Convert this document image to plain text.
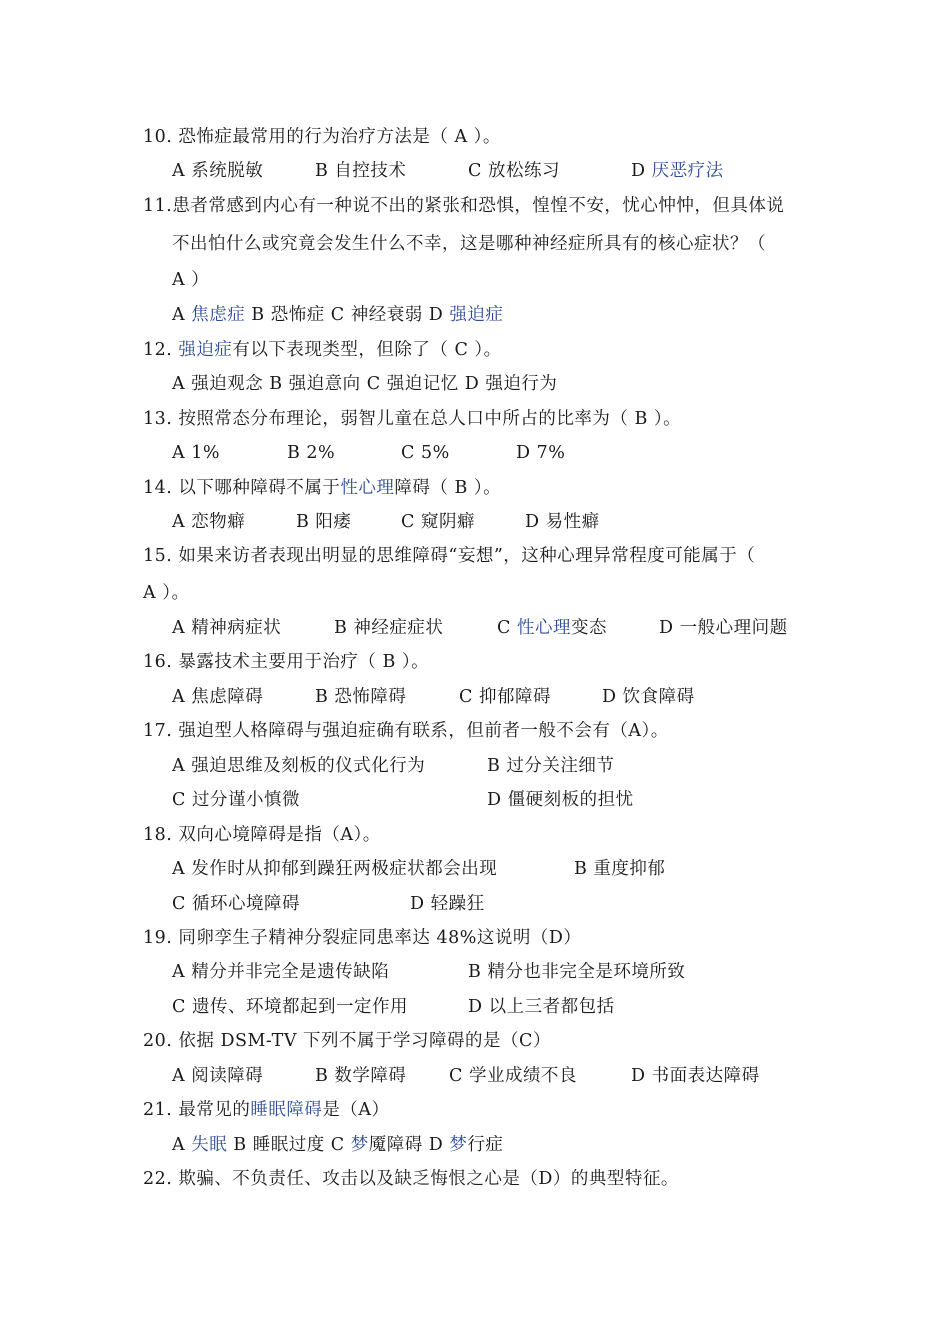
10. 恐怖症最常用的行为治疗方法是（ A ）。
A 系统脱敏	B 自控技术	C 放松练习	D 厌恶疗法
11.患者常感到内心有一种说不出的紧张和恐惧，惶惶不安，忧心忡忡，但具体说
不出怕什么或究竟会发生什么不幸，这是哪种神经症所具有的核心症状？（
A ）
A 焦虑症 B 恐怖症 C 神经衰弱 D 强迫症
12. 强迫症有以下表现类型，但除了（ C ）。
A 强迫观念 B 强迫意向 C 强迫记忆 D 强迫行为
13. 按照常态分布理论，弱智儿童在总人口中所占的比率为（ B ）。
A 1%	B 2%	C 5%	D 7%
14. 以下哪种障碍不属于性心理障碍（ B ）。
A 恋物癖	B 阳痿	C 窥阴癖	D 易性癖
15. 如果来访者表现出明显的思维障碍“妄想”，这种心理异常程度可能属于（
A ）。
A 精神病症状	B 神经症症状	C 性心理变态	D 一般心理问题
16. 暴露技术主要用于治疗（ B ）。
A 焦虑障碍	B 恐怖障碍	C 抑郁障碍	D 饮食障碍
17. 强迫型人格障碍与强迫症确有联系，但前者一般不会有（A）。
A 强迫思维及刻板的仪式化行为	B 过分关注细节
C 过分谨小慎微	D 僵硬刻板的担忧
18. 双向心境障碍是指（A）。
A 发作时从抑郁到躁狂两极症状都会出现	B 重度抑郁
C 循环心境障碍	D 轻躁狂
19. 同卵孪生子精神分裂症同患率达 48%这说明（D）
A 精分并非完全是遗传缺陷	B 精分也非完全是环境所致
C 遗传、环境都起到一定作用	D 以上三者都包括
20. 依据 DSM-TV 下列不属于学习障碍的是（C）
A 阅读障碍	B 数学障碍 C 学业成绩不良	D 书面表达障碍
21. 最常见的睡眠障碍是（A）
A 失眠 B 睡眠过度 C 梦魇障碍 D 梦行症
22. 欺骗、不负责任、攻击以及缺乏悔恨之心是（D）的典型特征。
